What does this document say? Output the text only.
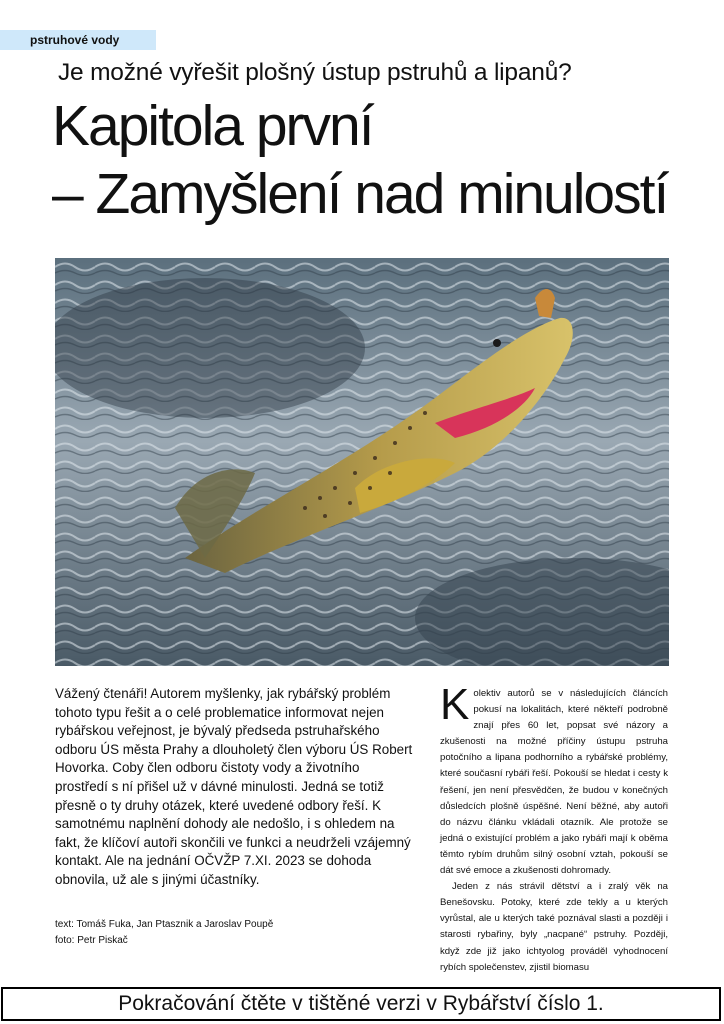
pstruhové vody
Je možné vyřešit plošný ústup pstruhů a lipanů?
Kapitola první
– Zamyšlení nad minulostí
Vážený čtenáři! Autorem myšlenky, jak rybářský problém tohoto typu řešit a o celé problematice informovat nejen rybářskou veřejnost, je bývalý předseda pstruhařského odboru ÚS města Prahy a dlouholetý člen výboru ÚS Robert Hovorka. Coby člen odboru čistoty vody a životního prostředí s ní přišel už v dávné minulosti. Jedná se totiž přesně o ty druhy otázek, které uvedené odbory řeší. K samotnému naplnění dohody ale nedošlo, i s ohledem na fakt, že klíčoví autoři skončili ve funkci a neudrželi vzájemný kontakt. Ale na jednání OČVŽP 7.XI. 2023 se dohoda obnovila, už ale s jinými účastníky.
text: Tomáš Fuka, Jan Ptasznik a Jaroslav Poupě
foto: Petr Piskač

Kolektiv autorů se v následujících článcích pokusí na lokalitách, které někteří podrobně znají přes 60 let, popsat své názory a zkušenosti na možné příčiny ústupu pstruha potočního a lipana podhorního a rybářské problémy, které současní rybáři řeší. Pokouší se hledat i cesty k řešení, jen není přesvědčen, že budou v konečných důsledcích plošně úspěšné. Není běžné, aby autoři do názvu článku vkládali otazník. Ale protože se jedná o existující problém a jako rybáři mají k oběma těmto rybím druhům silný osobní vztah, pokouší se dát své emoce a zkušenosti dohromady.

Jeden z nás strávil dětství a i zralý věk na Benešovsku. Potoky, které zde tekly a u kterých vyrůstal, ale u kterých také poznával slasti a později i starosti rybařiny, byly „nacpané“ pstruhy. Později, když zde již jako ichtyolog prováděl vyhodnocení rybích společenstev, zjistil biomasu

Pokračování čtěte v tištěné verzi v Rybářství číslo 1.
